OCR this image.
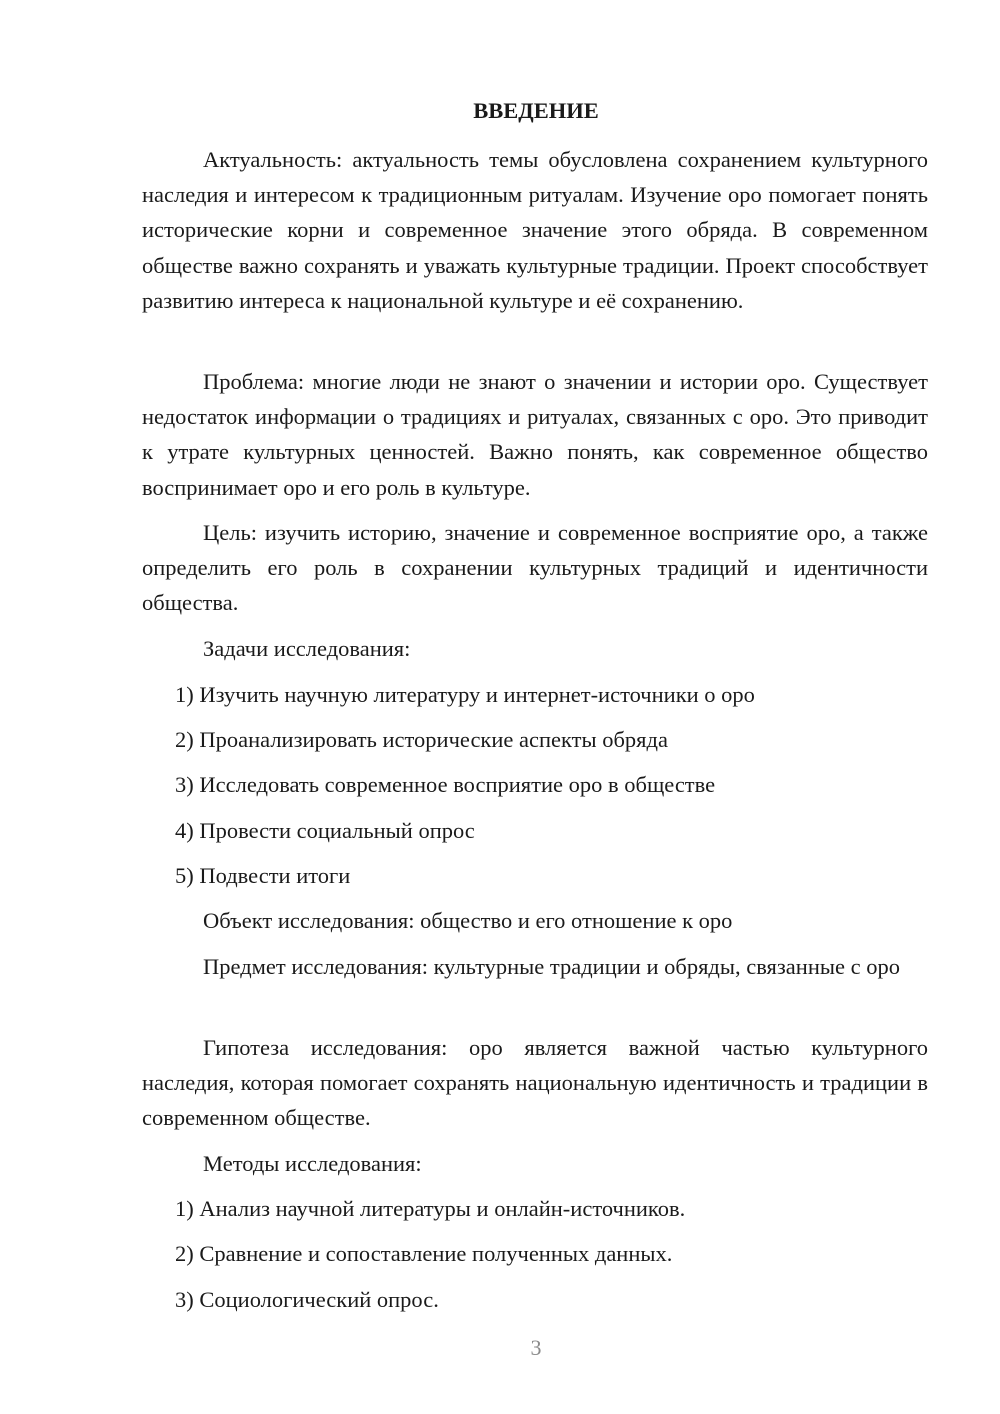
ВВЕДЕНИЕ

Актуальность: актуальность темы обусловлена сохранением культурного наследия и интересом к традиционным ритуалам. Изучение оро помогает понять исторические корни и современное значение этого обряда. В современном обществе важно сохранять и уважать культурные традиции. Проект способствует развитию интереса к национальной культуре и её сохранению.

Проблема: многие люди не знают о значении и истории оро. Существует недостаток информации о традициях и ритуалах, связанных с оро. Это приводит к утрате культурных ценностей. Важно понять, как современное общество воспринимает оро и его роль в культуре.

Цель: изучить историю, значение и современное восприятие оро, а также определить его роль в сохранении культурных традиций и идентичности общества.

Задачи исследования:

1) Изучить научную литературу и интернет-источники о оро

2) Проанализировать исторические аспекты обряда

3) Исследовать современное восприятие оро в обществе

4) Провести социальный опрос

5) Подвести итоги

Объект исследования: общество и его отношение к оро

Предмет исследования: культурные традиции и обряды, связанные с оро

Гипотеза исследования: оро является важной частью культурного наследия, которая помогает сохранять национальную идентичность и традиции в современном обществе.

Методы исследования:

1) Анализ научной литературы и онлайн-источников.

2) Сравнение и сопоставление полученных данных.

3) Социологический опрос.

3
